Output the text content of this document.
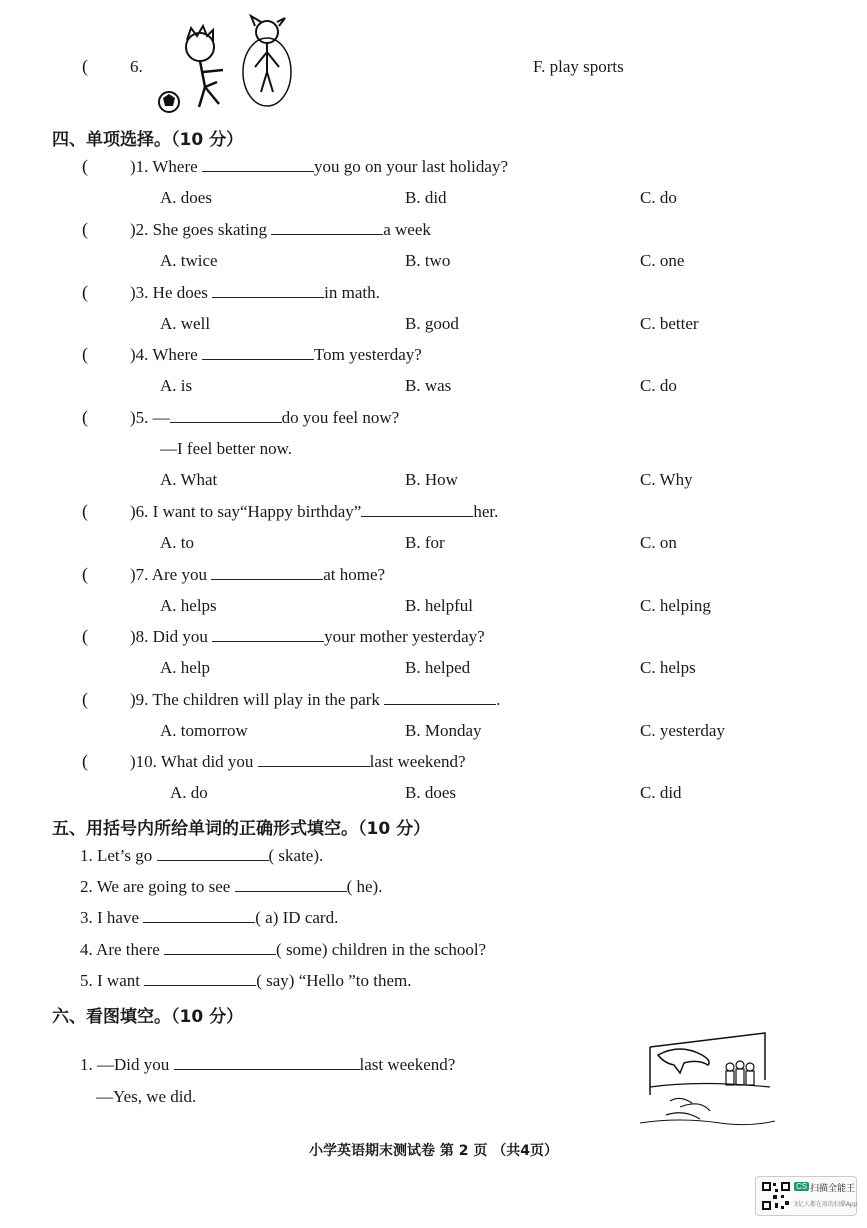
( 6.	F. play sports
四、单项选择。（10 分）
( )1. Where	you go on your last holiday?
A. does	B. did	C. do
( )2. She goes skating	a week
A. twice	B. two	C. one
( )3. He does	in math.
A. well	B. good	C. better
( )4. Where	Tom yesterday?
A. is	B. was	C. do
( )5. —	do you feel now?
—I feel better now.
A. What	B. How	C. Why
( )6. I want to say“Happy birthday”	her.
A. to	B. for	C. on
( )7. Are you	at home?
A. helps	B. helpful	C. helping
( )8. Did you	your mother yesterday?
A. help	B. helped	C. helps
( )9. The children will play in the park	.
A. tomorrow	B. Monday	C. yesterday
( )10. What did you	last weekend?
A. do	B. does	C. did
五、用括号内所给单词的正确形式填空。（10 分）
1. Let’s go	( skate).
2. We are going to see	( he).
3. I have	( a) ID card.
4. Are there	( some) children in the school?
5. I want	( say) “Hello ”to them.
六、看图填空。（10 分）
1. —Did you	last weekend?
—Yes, we did.
小学英语期末测试卷 第 2 页 （共4页）
CS 扫描全能王
3亿人都在用的扫描App
